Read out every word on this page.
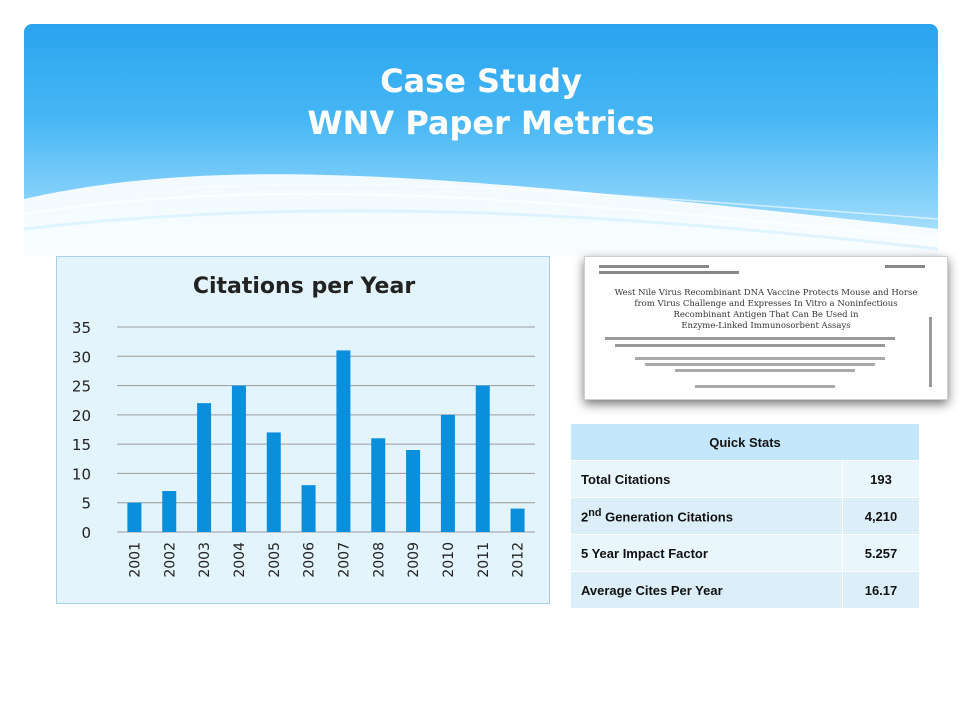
Case Study
WNV Paper Metrics
Citations per Year
0
5
10
15
20
25
30
35
2001 2002 2003 2004 2005 2006 2007 2008 2009 2010 2011 2012
West Nile Virus Recombinant DNA Vaccine Protects Mouse and Horse
from Virus Challenge and Expresses In Vitro a Noninfectious
Recombinant Antigen That Can Be Used in
Enzyme-Linked Immunosorbent Assays
Quick Stats	
Total Citations	193
2nd Generation Citations	4,210
5 Year Impact Factor	5.257
Average Cites Per Year	16.17
